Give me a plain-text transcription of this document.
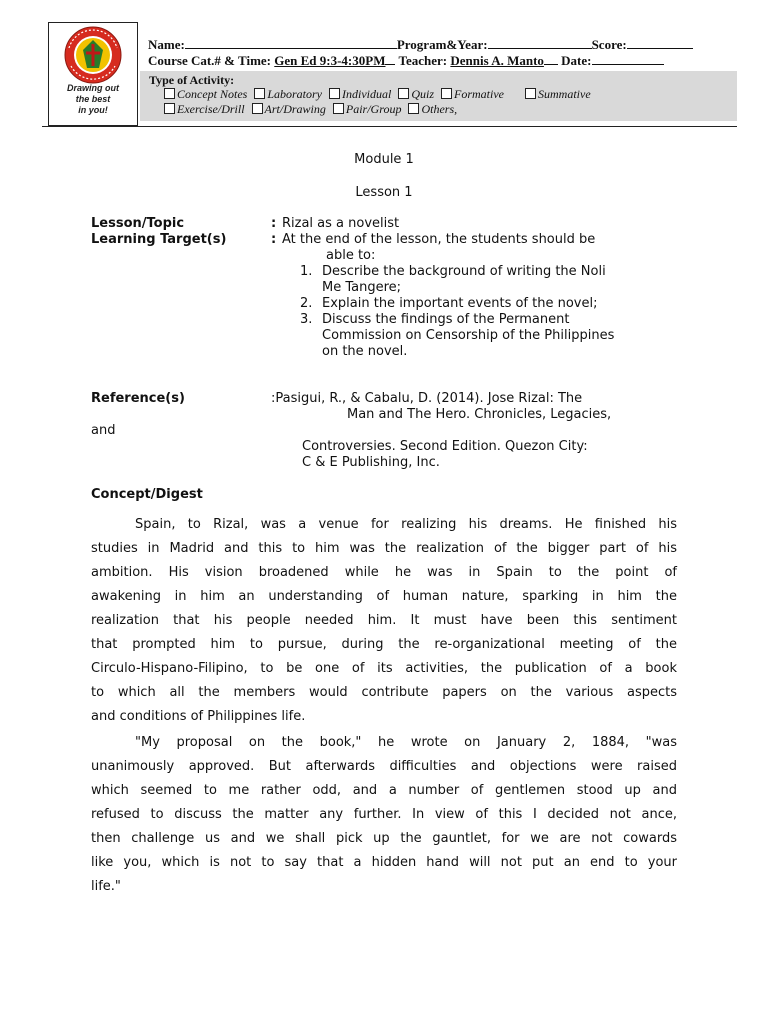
Drawing out
the best
in you!
Name:	Program&Year:	Score:
Course Cat.# & Time: Gen Ed 9:3-4:30PM Teacher: Dennis A. Manto Date:
Type of Activity:
Concept Notes Laboratory Individual Quiz Formative	Summative
Exercise/Drill Art/Drawing Pair/Group Others,
Module 1
Lesson 1
Lesson/Topic	: Rizal as a novelist
Learning Target(s)	: At the end of the lesson, the students should be
able to:
1. Describe the background of writing the Noli
Me Tangere;
2. Explain the important events of the novel;
3. Discuss the findings of the Permanent
Commission on Censorship of the Philippines
on the novel.
Reference(s)	:Pasigui, R., & Cabalu, D. (2014). Jose Rizal: The
Man and The Hero. Chronicles, Legacies,
and
Controversies. Second Edition. Quezon City:
C & E Publishing, Inc.
Concept/Digest
Spain, to Rizal, was a venue for realizing his dreams. He finished his
studies in Madrid and this to him was the realization of the bigger part of his
ambition. His vision broadened while he was in Spain to the point of
awakening in him an understanding of human nature, sparking in him the
realization that his people needed him. It must have been this sentiment
that prompted him to pursue, during the re-organizational meeting of the
Circulo-Hispano-Filipino, to be one of its activities, the publication of a book
to which all the members would contribute papers on the various aspects
and conditions of Philippines life.
"My proposal on the book," he wrote on January 2, 1884, "was
unanimously approved. But afterwards difficulties and objections were raised
which seemed to me rather odd, and a number of gentlemen stood up and
refused to discuss the matter any further. In view of this I decided not ance,
then challenge us and we shall pick up the gauntlet, for we are not cowards
like you, which is not to say that a hidden hand will not put an end to your
life."
